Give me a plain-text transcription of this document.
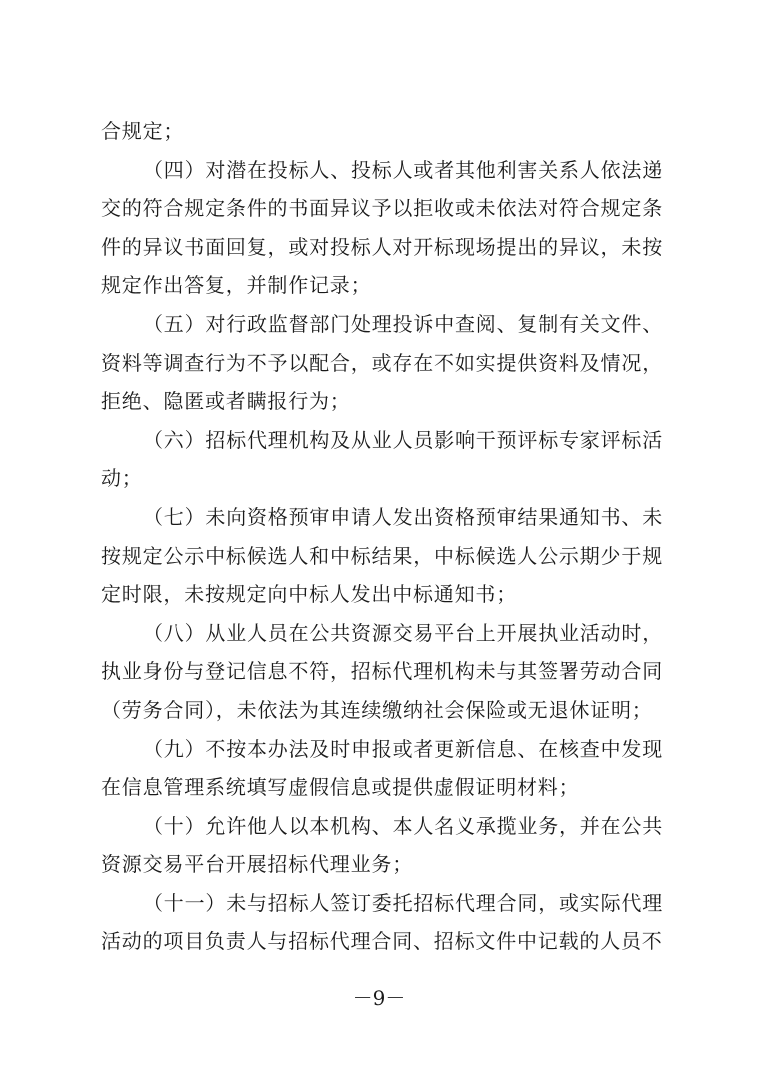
合规定；

（四）对潜在投标人、投标人或者其他利害关系人依法递交的符合规定条件的书面异议予以拒收或未依法对符合规定条件的异议书面回复，或对投标人对开标现场提出的异议，未按规定作出答复，并制作记录；

（五）对行政监督部门处理投诉中查阅、复制有关文件、资料等调查行为不予以配合，或存在不如实提供资料及情况，拒绝、隐匿或者瞒报行为；

（六）招标代理机构及从业人员影响干预评标专家评标活动；

（七）未向资格预审申请人发出资格预审结果通知书、未按规定公示中标候选人和中标结果，中标候选人公示期少于规定时限，未按规定向中标人发出中标通知书；

（八）从业人员在公共资源交易平台上开展执业活动时，执业身份与登记信息不符，招标代理机构未与其签署劳动合同（劳务合同），未依法为其连续缴纳社会保险或无退休证明；

（九）不按本办法及时申报或者更新信息、在核查中发现在信息管理系统填写虚假信息或提供虚假证明材料；

（十）允许他人以本机构、本人名义承揽业务，并在公共资源交易平台开展招标代理业务；

（十一）未与招标人签订委托招标代理合同，或实际代理活动的项目负责人与招标代理合同、招标文件中记载的人员不

－9－
